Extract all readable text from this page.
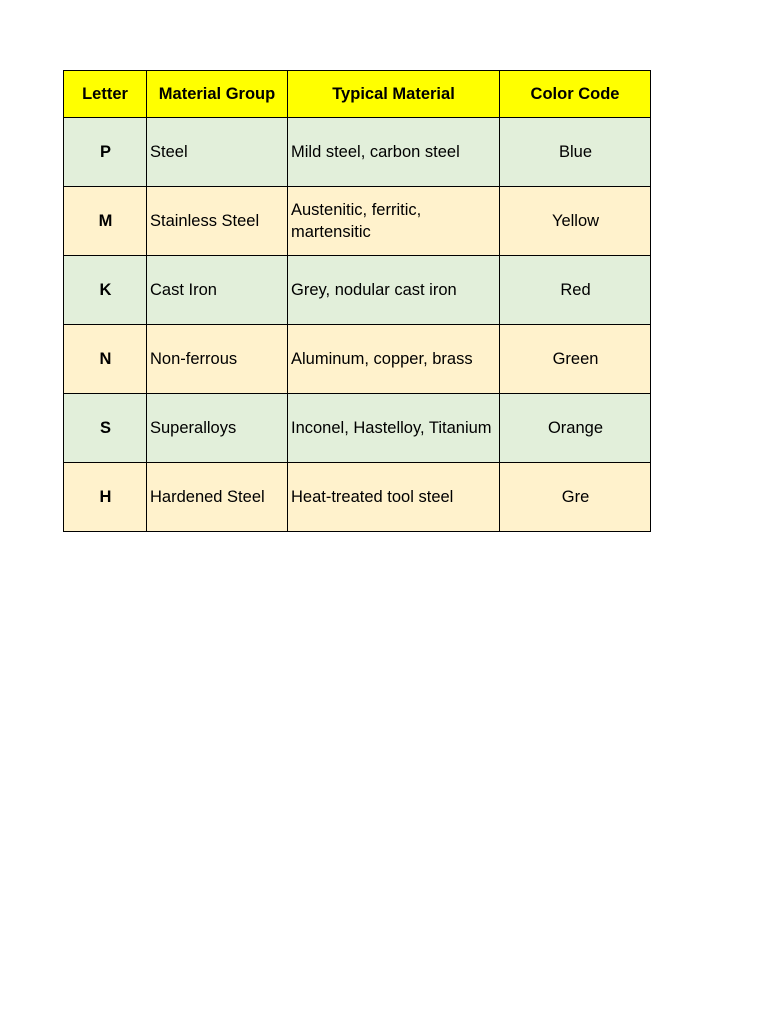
Letter	Material Group	Typical Material	Color Code
P	Steel	Mild steel, carbon steel	Blue
M	Stainless Steel	Austenitic, ferritic, martensitic	Yellow
K	Cast Iron	Grey, nodular cast iron	Red
N	Non-ferrous	Aluminum, copper, brass	Green
S	Superalloys	Inconel, Hastelloy, Titanium	Orange
H	Hardened Steel	Heat-treated tool steel	Gre
